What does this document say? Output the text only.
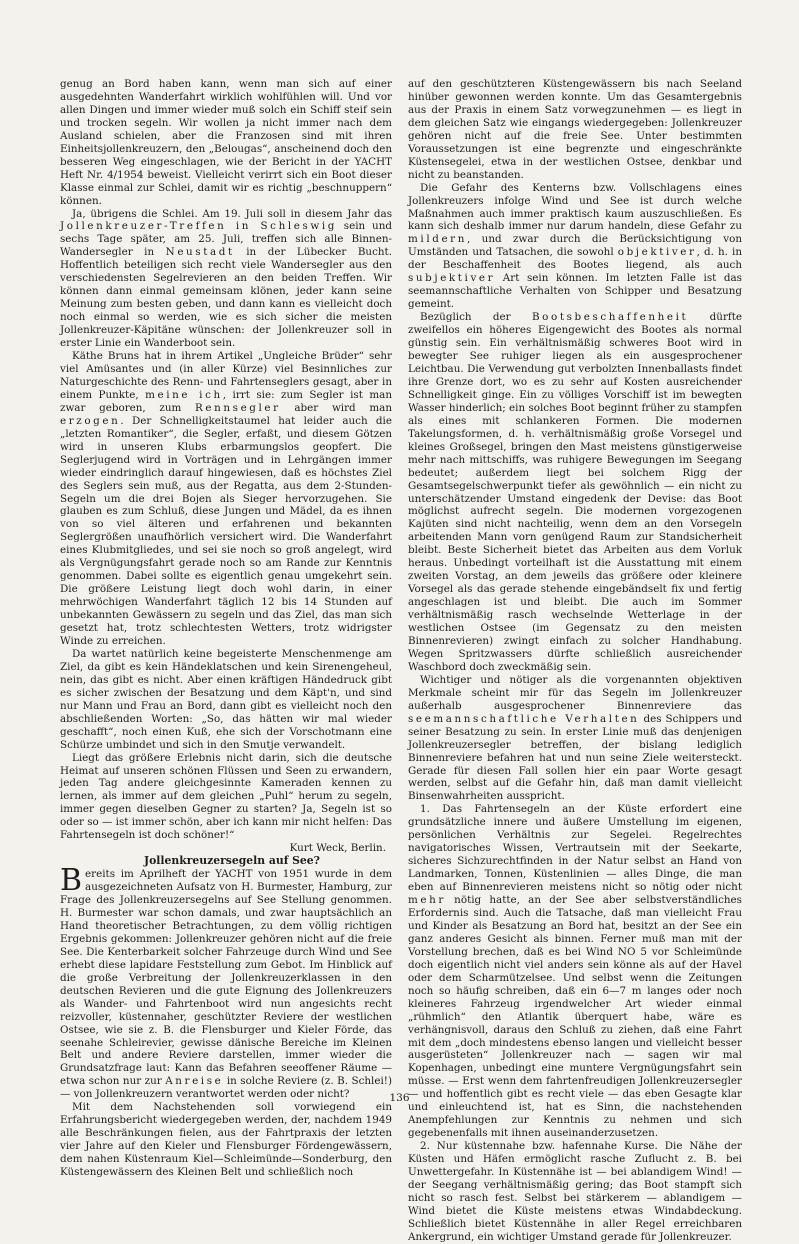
genug an Bord haben kann, wenn man sich auf einer ausgedehnten Wanderfahrt wirklich wohlfühlen will. Und vor allen Dingen und immer wieder muß solch ein Schiff steif sein und trocken segeln. Wir wollen ja nicht immer nach dem Ausland schielen, aber die Franzosen sind mit ihren Einheitsjollenkreuzern, den „Belougas“, anscheinend doch den besseren Weg eingeschlagen, wie der Bericht in der YACHT Heft Nr. 4/1954 beweist. Vielleicht verirrt sich ein Boot dieser Klasse einmal zur Schlei, damit wir es richtig „beschnuppern“ können.

Ja, übrigens die Schlei. Am 19. Juli soll in diesem Jahr das Jollenkreuzer-Treffen in Schleswig sein und sechs Tage später, am 25. Juli, treffen sich alle Binnen-Wandersegler in Neustadt in der Lübecker Bucht. Hoffentlich beteiligen sich recht viele Wandersegler aus den verschiedensten Segelrevieren an den beiden Treffen. Wir können dann einmal gemeinsam klönen, jeder kann seine Meinung zum besten geben, und dann kann es vielleicht doch noch einmal so werden, wie es sich sicher die meisten Jollenkreuzer-Käpitäne wünschen: der Jollenkreuzer soll in erster Linie ein Wanderboot sein.

Käthe Bruns hat in ihrem Artikel „Ungleiche Brüder“ sehr viel Amüsantes und (in aller Kürze) viel Besinnliches zur Naturgeschichte des Renn- und Fahrtenseglers gesagt, aber in einem Punkte, meine ich, irrt sie: zum Segler ist man zwar geboren, zum Rennsegler aber wird man erzogen. Der Schnelligkeitstaumel hat leider auch die „letzten Romantiker“, die Segler, erfaßt, und diesem Götzen wird in unseren Klubs erbarmungslos geopfert. Die Seglerjugend wird in Vorträgen und in Lehrgängen immer wieder eindringlich darauf hingewiesen, daß es höchstes Ziel des Seglers sein muß, aus der Regatta, aus dem 2-Stunden-Segeln um die drei Bojen als Sieger hervorzugehen. Sie glauben es zum Schluß, diese Jungen und Mädel, da es ihnen von so viel älteren und erfahrenen und bekannten Seglergrößen unaufhörlich versichert wird. Die Wanderfahrt eines Klubmitgliedes, und sei sie noch so groß angelegt, wird als Vergnügungsfahrt gerade noch so am Rande zur Kenntnis genommen. Dabei sollte es eigentlich genau umgekehrt sein. Die größere Leistung liegt doch wohl darin, in einer mehrwöchigen Wanderfahrt täglich 12 bis 14 Stunden auf unbekannten Gewässern zu segeln und das Ziel, das man sich gesetzt hat, trotz schlechtesten Wetters, trotz widrigster Winde zu erreichen.

Da wartet natürlich keine begeisterte Menschenmenge am Ziel, da gibt es kein Händeklatschen und kein Sirenengeheul, nein, das gibt es nicht. Aber einen kräftigen Händedruck gibt es sicher zwischen der Besatzung und dem Käpt'n, und sind nur Mann und Frau an Bord, dann gibt es vielleicht noch den abschließenden Worten: „So, das hätten wir mal wieder geschafft“, noch einen Kuß, ehe sich der Vorschotmann eine Schürze umbindet und sich in den Smutje verwandelt.

Liegt das größere Erlebnis nicht darin, sich die deutsche Heimat auf unseren schönen Flüssen und Seen zu erwandern, jeden Tag andere gleichgesinnte Kameraden kennen zu lernen, als immer auf dem gleichen „Puhl“ herum zu segeln, immer gegen dieselben Gegner zu starten? Ja, Segeln ist so oder so — ist immer schön, aber ich kann mir nicht helfen: Das Fahrtensegeln ist doch schöner!“

Kurt Weck, Berlin.

Jollenkreuzersegeln auf See?

Bereits im Aprilheft der YACHT von 1951 wurde in dem ausgezeichneten Aufsatz von H. Burmester, Hamburg, zur Frage des Jollenkreuzersegelns auf See Stellung genommen. H. Burmester war schon damals, und zwar hauptsächlich an Hand theoretischer Betrachtungen, zu dem völlig richtigen Ergebnis gekommen: Jollenkreuzer gehören nicht auf die freie See. Die Kenterbarkeit solcher Fahrzeuge durch Wind und See erhebt diese lapidare Feststellung zum Gebot. Im Hinblick auf die große Verbreitung der Jollenkreuzerklassen in den deutschen Revieren und die gute Eignung des Jollenkreuzers als Wander- und Fahrtenboot wird nun angesichts recht reizvoller, küstennaher, geschützter Reviere der westlichen Ostsee, wie sie z. B. die Flensburger und Kieler Förde, das seenahe Schleirevier, gewisse dänische Bereiche im Kleinen Belt und andere Reviere darstellen, immer wieder die Grundsatzfrage laut: Kann das Befahren seeoffener Räume — etwa schon nur zur Anreise in solche Reviere (z. B. Schlei!) — von Jollenkreuzern verantwortet werden oder nicht?

Mit dem Nachstehenden soll vorwiegend ein Erfahrungsbericht wiedergegeben werden, der, nachdem 1949 alle Beschränkungen fielen, aus der Fahrtpraxis der letzten vier Jahre auf den Kieler und Flensburger Fördengewässern, dem nahen Küstenraum Kiel—Schleimünde—Sonderburg, den Küstengewässern des Kleinen Belt und schließlich noch

auf den geschützteren Küstengewässern bis nach Seeland hinüber gewonnen werden konnte. Um das Gesamtergebnis aus der Praxis in einem Satz vorwegzunehmen — es liegt in dem gleichen Satz wie eingangs wiedergegeben: Jollenkreuzer gehören nicht auf die freie See. Unter bestimmten Voraussetzungen ist eine begrenzte und eingeschränkte Küstensegelei, etwa in der westlichen Ostsee, denkbar und nicht zu beanstanden.

Die Gefahr des Kenterns bzw. Vollschlagens eines Jollenkreuzers infolge Wind und See ist durch welche Maßnahmen auch immer praktisch kaum auszuschließen. Es kann sich deshalb immer nur darum handeln, diese Gefahr zu mildern, und zwar durch die Berücksichtigung von Umständen und Tatsachen, die sowohl objektiver, d. h. in der Beschaffenheit des Bootes liegend, als auch subjektiver Art sein können. Im letzten Falle ist das seemannschaftliche Verhalten von Schipper und Besatzung gemeint.

Bezüglich der Bootsbeschaffenheit dürfte zweifellos ein höheres Eigengewicht des Bootes als normal günstig sein. Ein verhältnismäßig schweres Boot wird in bewegter See ruhiger liegen als ein ausgesprochener Leichtbau. Die Verwendung gut verbolzten Innenballasts findet ihre Grenze dort, wo es zu sehr auf Kosten ausreichender Schnelligkeit ginge. Ein zu völliges Vorschiff ist im bewegten Wasser hinderlich; ein solches Boot beginnt früher zu stampfen als eines mit schlankeren Formen. Die modernen Takelungsformen, d. h. verhältnismäßig große Vorsegel und kleines Großsegel, bringen den Mast meistens günstigerweise mehr nach mittschiffs, was ruhigere Bewegungen im Seegang bedeutet; außerdem liegt bei solchem Rigg der Gesamtsegelschwerpunkt tiefer als gewöhnlich — ein nicht zu unterschätzender Umstand eingedenk der Devise: das Boot möglichst aufrecht segeln. Die modernen vorgezogenen Kajüten sind nicht nachteilig, wenn dem an den Vorsegeln arbeitenden Mann vorn genügend Raum zur Standsicherheit bleibt. Beste Sicherheit bietet das Arbeiten aus dem Vorluk heraus. Unbedingt vorteilhaft ist die Ausstattung mit einem zweiten Vorstag, an dem jeweils das größere oder kleinere Vorsegel als das gerade stehende eingebändselt fix und fertig angeschlagen ist und bleibt. Die auch im Sommer verhältnismäßig rasch wechselnde Wetterlage in der westlichen Ostsee (im Gegensatz zu den meisten Binnenrevieren) zwingt einfach zu solcher Handhabung. Wegen Spritzwassers dürfte schließlich ausreichender Waschbord doch zweckmäßig sein.

Wichtiger und nötiger als die vorgenannten objektiven Merkmale scheint mir für das Segeln im Jollenkreuzer außerhalb ausgesprochener Binnenreviere das seemannschaftliche Verhalten des Schippers und seiner Besatzung zu sein. In erster Linie muß das denjenigen Jollenkreuzersegler betreffen, der bislang lediglich Binnenreviere befahren hat und nun seine Ziele weitersteckt. Gerade für diesen Fall sollen hier ein paar Worte gesagt werden, selbst auf die Gefahr hin, daß man damit vielleicht Binsenwahrheiten ausspricht.

1. Das Fahrtensegeln an der Küste erfordert eine grundsätzliche innere und äußere Umstellung im eigenen, persönlichen Verhältnis zur Segelei. Regelrechtes navigatorisches Wissen, Vertrautsein mit der Seekarte, sicheres Sichzurechtfinden in der Natur selbst an Hand von Landmarken, Tonnen, Küstenlinien — alles Dinge, die man eben auf Binnenrevieren meistens nicht so nötig oder nicht mehr nötig hatte, an der See aber selbstverständliches Erfordernis sind. Auch die Tatsache, daß man vielleicht Frau und Kinder als Besatzung an Bord hat, besitzt an der See ein ganz anderes Gesicht als binnen. Ferner muß man mit der Vorstellung brechen, daß es bei Wind NO 5 vor Schleimünde doch eigentlich nicht viel anders sein könne als auf der Havel oder dem Scharmützelsee. Und selbst wenn die Zeitungen noch so häufig schreiben, daß ein 6—7 m langes oder noch kleineres Fahrzeug irgendwelcher Art wieder einmal „rühmlich“ den Atlantik überquert habe, wäre es verhängnisvoll, daraus den Schluß zu ziehen, daß eine Fahrt mit dem „doch mindestens ebenso langen und vielleicht besser ausgerüsteten“ Jollenkreuzer nach — sagen wir mal Kopenhagen, unbedingt eine muntere Vergnügungsfahrt sein müsse. — Erst wenn dem fahrtenfreudigen Jollenkreuzersegler — und hoffentlich gibt es recht viele — das eben Gesagte klar und einleuchtend ist, hat es Sinn, die nachstehenden Anempfehlungen zur Kenntnis zu nehmen und sich gegebenenfalls mit ihnen auseinanderzusetzen.

2. Nur küstennahe bzw. hafennahe Kurse. Die Nähe der Küsten und Häfen ermöglicht rasche Zuflucht z. B. bei Unwettergefahr. In Küstennähe ist — bei ablandigem Wind! — der Seegang verhältnismäßig gering; das Boot stampft sich nicht so rasch fest. Selbst bei stärkerem — ablandigem — Wind bietet die Küste meistens etwas Windabdeckung. Schließlich bietet Küstennähe in aller Regel erreichbaren Ankergrund, ein wichtiger Umstand gerade für Jollenkreuzer.

136
